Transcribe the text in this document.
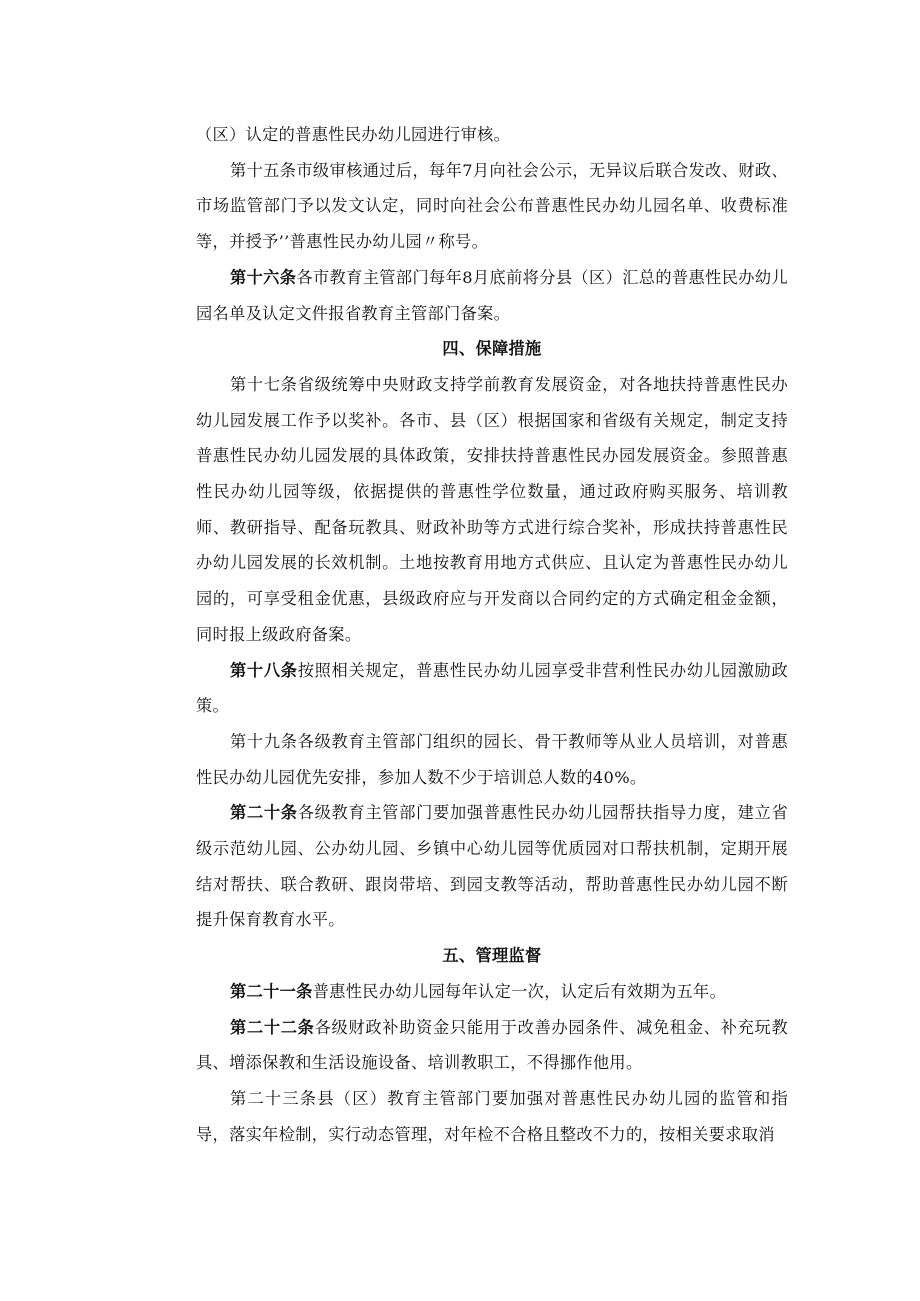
（区）认定的普惠性民办幼儿园进行审核。

第十五条市级审核通过后，每年7月向社会公示，无异议后联合发改、财政、市场监管部门予以发文认定，同时向社会公布普惠性民办幼儿园名单、收费标准等，并授予’’普惠性民办幼儿园〃称号。

第十六条各市教育主管部门每年8月底前将分县（区）汇总的普惠性民办幼儿园名单及认定文件报省教育主管部门备案。

四、保障措施

第十七条省级统筹中央财政支持学前教育发展资金，对各地扶持普惠性民办幼儿园发展工作予以奖补。各市、县（区）根据国家和省级有关规定，制定支持普惠性民办幼儿园发展的具体政策，安排扶持普惠性民办园发展资金。参照普惠性民办幼儿园等级，依据提供的普惠性学位数量，通过政府购买服务、培训教师、教研指导、配备玩教具、财政补助等方式进行综合奖补，形成扶持普惠性民办幼儿园发展的长效机制。土地按教育用地方式供应、且认定为普惠性民办幼儿园的，可享受租金优惠，县级政府应与开发商以合同约定的方式确定租金金额，同时报上级政府备案。

第十八条按照相关规定，普惠性民办幼儿园享受非营利性民办幼儿园激励政策。

第十九条各级教育主管部门组织的园长、骨干教师等从业人员培训，对普惠性民办幼儿园优先安排，参加人数不少于培训总人数的40%。

第二十条各级教育主管部门要加强普惠性民办幼儿园帮扶指导力度，建立省级示范幼儿园、公办幼儿园、乡镇中心幼儿园等优质园对口帮扶机制，定期开展结对帮扶、联合教研、跟岗带培、到园支教等活动，帮助普惠性民办幼儿园不断提升保育教育水平。

五、管理监督

第二十一条普惠性民办幼儿园每年认定一次，认定后有效期为五年。

第二十二条各级财政补助资金只能用于改善办园条件、减免租金、补充玩教具、增添保教和生活设施设备、培训教职工，不得挪作他用。

第二十三条县（区）教育主管部门要加强对普惠性民办幼儿园的监管和指导，落实年检制，实行动态管理，对年检不合格且整改不力的，按相关要求取消
